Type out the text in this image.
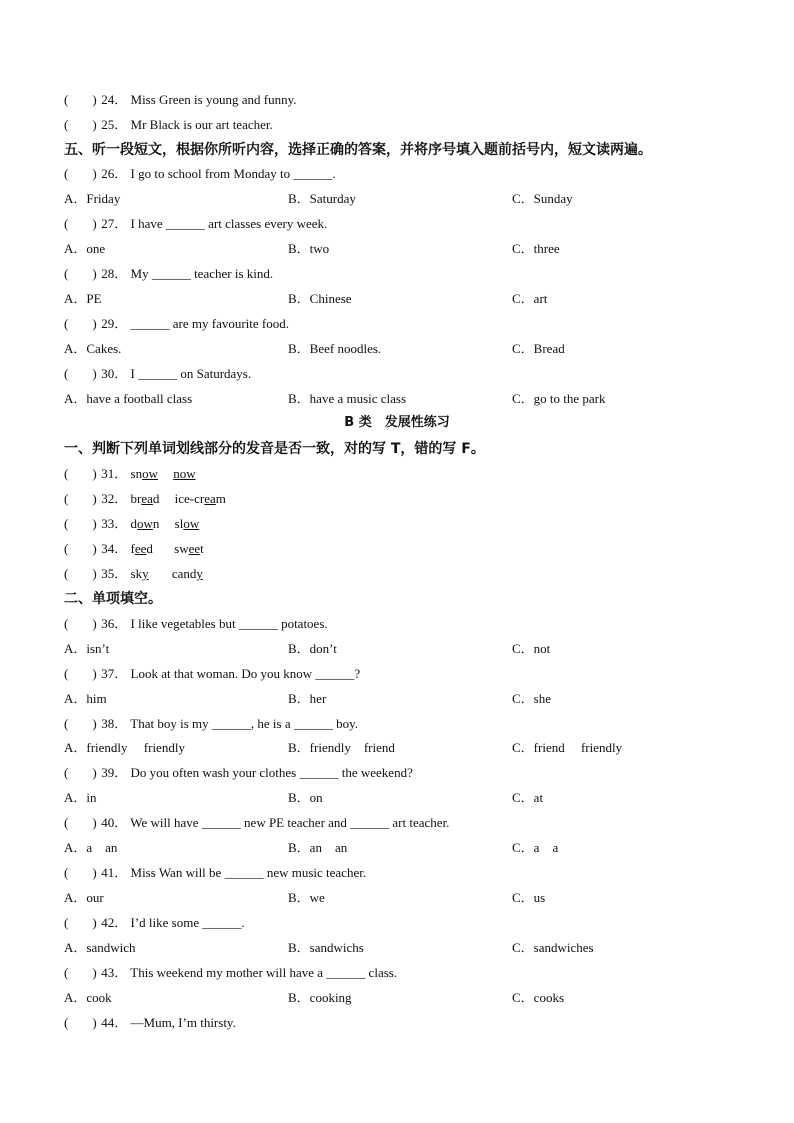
( ) 24． Miss Green is young and funny.
( ) 25． Mr Black is our art teacher.
五、听一段短文，根据你所听内容，选择正确的答案，并将序号填入题前括号内，短文读两遍。
( ) 26． I go to school from Monday to ______.
A．Friday	B．Saturday	C．Sunday
( ) 27． I have ______ art classes every week.
A．one	B．two	C．three
( ) 28． My ______ teacher is kind.
A．PE	B．Chinese	C．art
( ) 29． ______ are my favourite food.
A．Cakes.	B．Beef noodles.	C．Bread
( ) 30． I ______ on Saturdays.
A．have a football class	B．have a music class	C．go to the park
B 类　发展性练习
一、判断下列单词划线部分的发音是否一致，对的写 T，错的写 F。
( ) 31． snow now
( ) 32． bread ice-cream
( ) 33． down slow
( ) 34． feed sweet
( ) 35． sky candy
二、单项填空。
( ) 36． I like vegetables but ______ potatoes.
A．isn’t	B．don’t	C．not
( ) 37． Look at that woman. Do you know ______?
A．him	B．her	C．she
( ) 38． That boy is my ______, he is a ______ boy.
A．friendly　 friendly	B．friendly　friend	C．friend　 friendly
( ) 39． Do you often wash your clothes ______ the weekend?
A．in	B．on	C．at
( ) 40． We will have ______ new PE teacher and ______ art teacher.
A．a　an	B．an　an	C．a　a
( ) 41． Miss Wan will be ______ new music teacher.
A．our	B．we	C．us
( ) 42． I’d like some ______.
A．sandwich	B．sandwichs	C．sandwiches
( ) 43． This weekend my mother will have a ______ class.
A．cook	B．cooking	C．cooks
( ) 44． —Mum, I’m thirsty.
